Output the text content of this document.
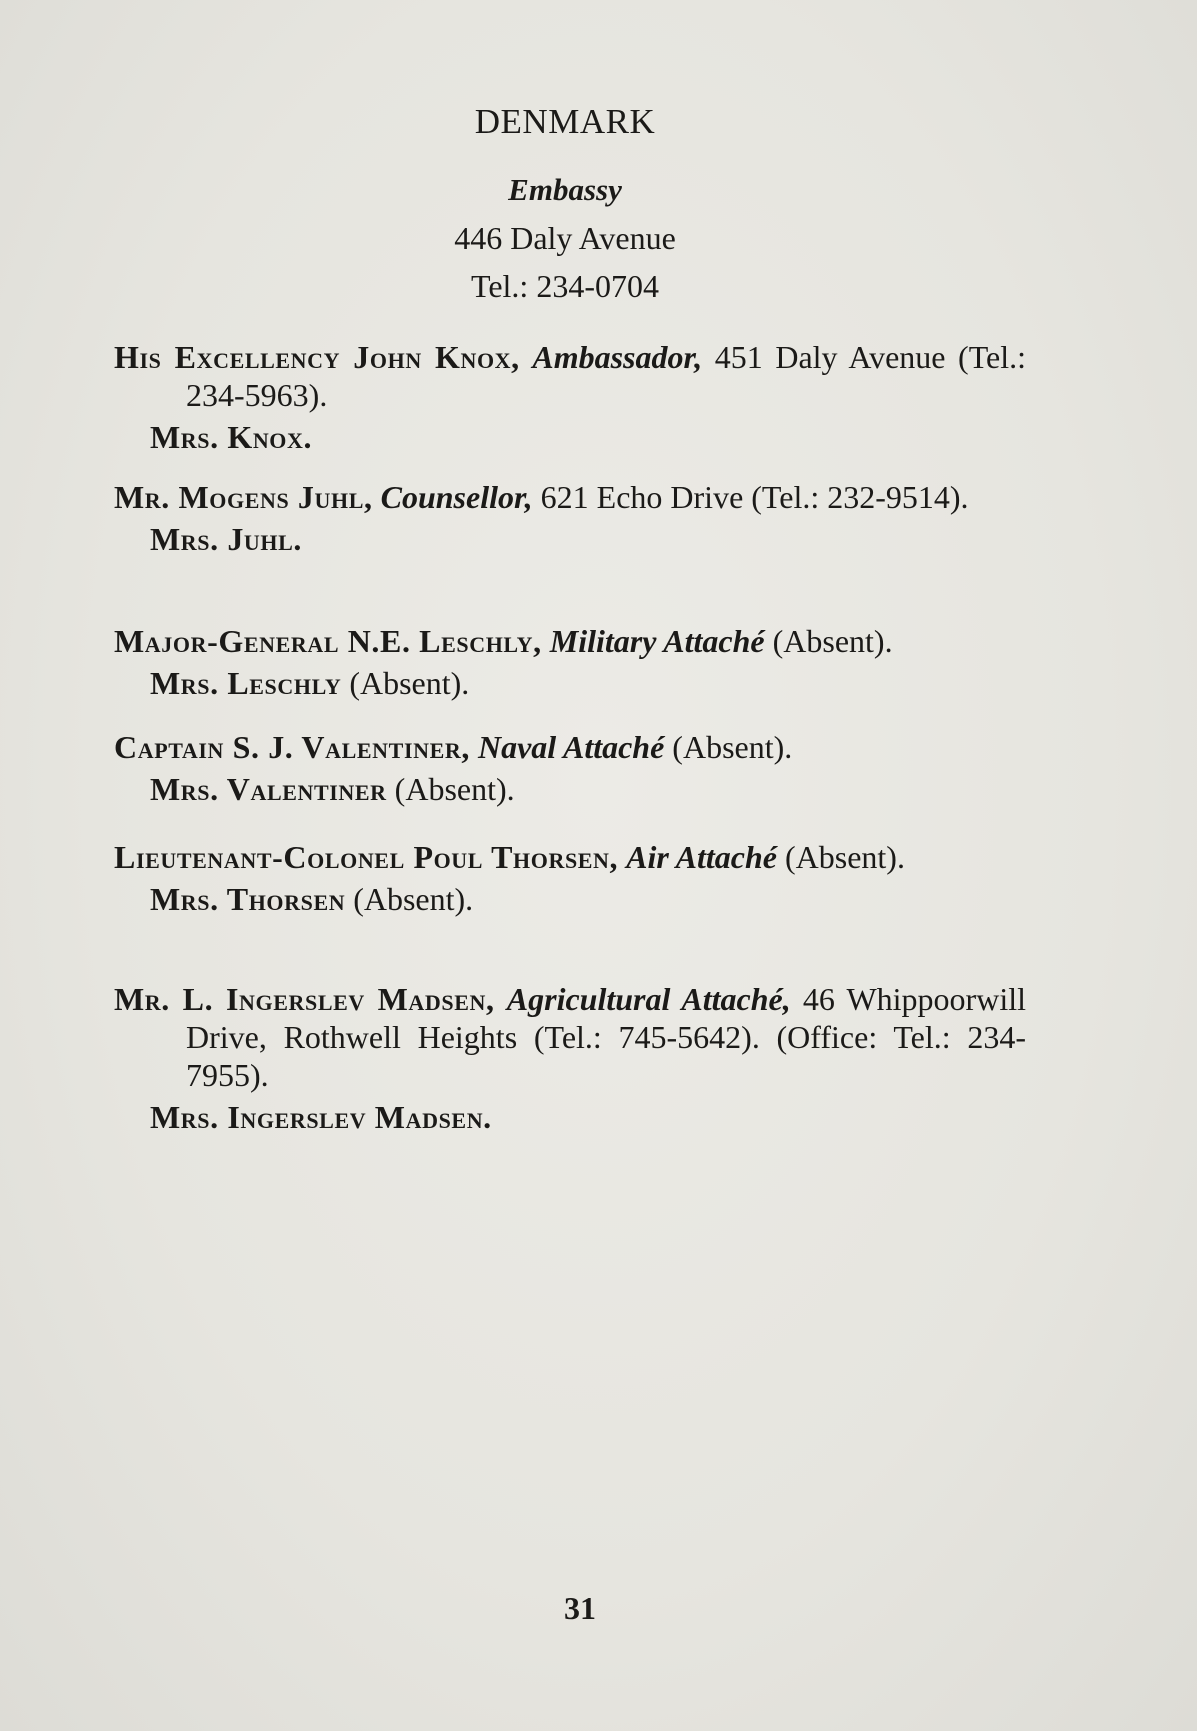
DENMARK
Embassy
446 Daly Avenue
Tel.: 234-0704
His Excellency John Knox, Ambassador, 451 Daly Avenue (Tel.: 234-5963).
Mrs. Knox.
Mr. Mogens Juhl, Counsellor, 621 Echo Drive (Tel.: 232-9514).
Mrs. Juhl.
Major-General N.E. Leschly, Military Attaché (Absent).
Mrs. Leschly (Absent).
Captain S. J. Valentiner, Naval Attaché (Absent).
Mrs. Valentiner (Absent).
Lieutenant-Colonel Poul Thorsen, Air Attaché (Absent).
Mrs. Thorsen (Absent).
Mr. L. Ingerslev Madsen, Agricultural Attaché, 46 Whippoorwill Drive, Rothwell Heights (Tel.: 745-5642). (Office: Tel.: 234-7955).
Mrs. Ingerslev Madsen.
31
